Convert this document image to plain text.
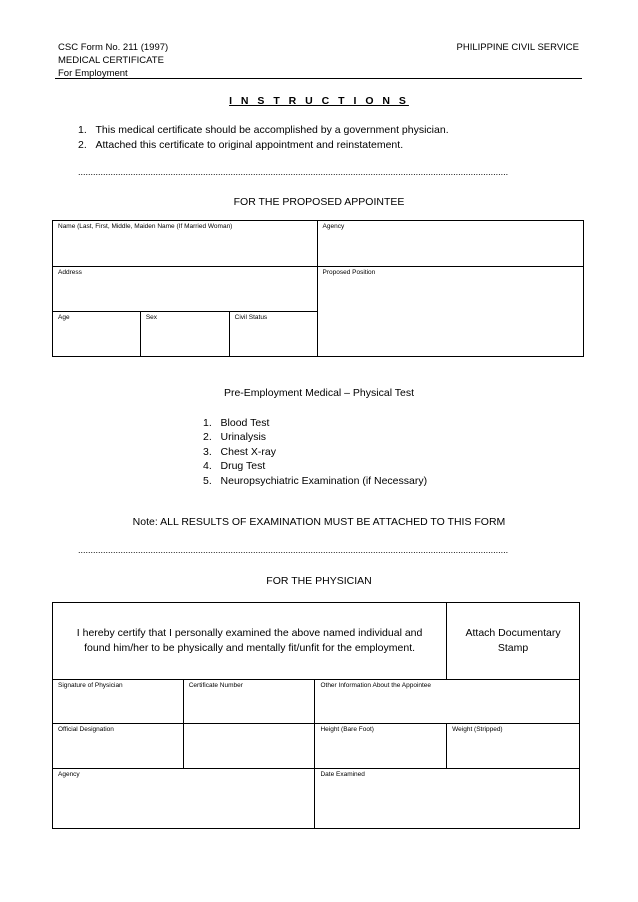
CSC Form No. 211 (1997)
MEDICAL CERTIFICATE
For Employment
PHILIPPINE CIVIL SERVICE
I N S T R U C T I O N S
1.   This medical certificate should be accomplished by a government physician.
2.   Attached this certificate to original appointment and reinstatement.
............................................................................................................................................................................
FOR THE PROPOSED APPOINTEE
Name (Last, First, Middle, Maiden Name (If Married Woman)			Agency
Address			Proposed Position
Age	Sex	Civil Status	
Pre-Employment Medical – Physical Test
1.   Blood Test
2.   Urinalysis
3.   Chest X-ray
4.   Drug Test
5.   Neuropsychiatric Examination (if Necessary)
Note: ALL RESULTS OF EXAMINATION MUST BE ATTACHED TO THIS FORM
............................................................................................................................................................................
FOR THE PHYSICIAN
I hereby certify that I personally examined the above named individual and
found him/her to be physically and mentally fit/unfit for the employment.			Attach Documentary
Stamp

Signature of Physician	Certificate Number	Other Information About the Appointee	
Official Designation		Height (Bare Foot)	Weight (Stripped)
Agency		Date Examined	
